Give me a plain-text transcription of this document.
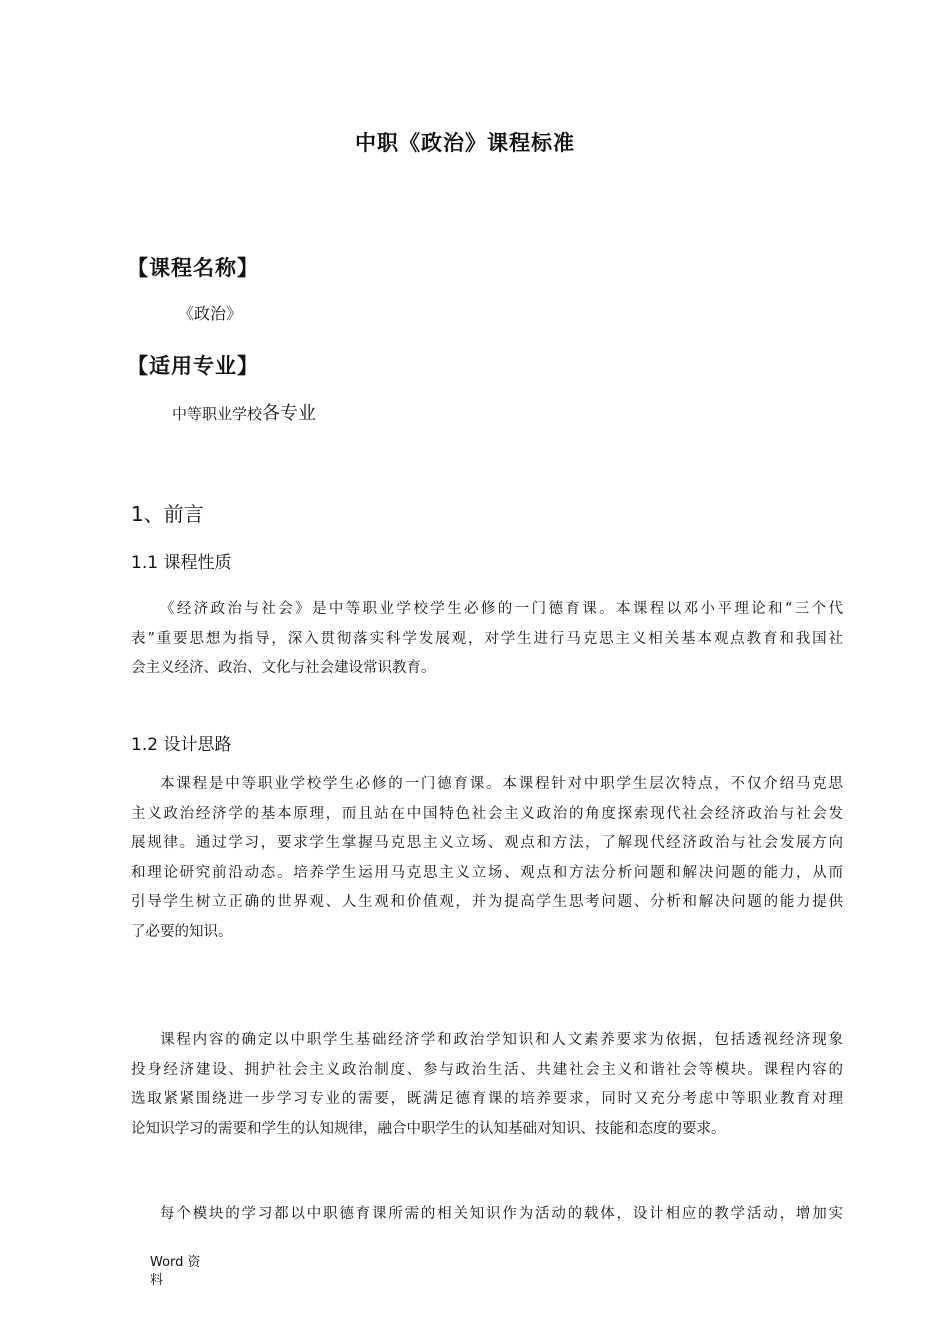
中职《政治》课程标准
【课程名称】
《政治》
【适用专业】
中等职业学校各专业
1、前言
1.1 课程性质
《经济政治与社会》是中等职业学校学生必修的一门德育课。本课程以邓小平理论和“三个代
表”重要思想为指导，深入贯彻落实科学发展观，对学生进行马克思主义相关基本观点教育和我国社
会主义经济、政治、文化与社会建设常识教育。
1.2 设计思路
本课程是中等职业学校学生必修的一门德育课。本课程针对中职学生层次特点，不仅介绍马克思
主义政治经济学的基本原理，而且站在中国特色社会主义政治的角度探索现代社会经济政治与社会发
展规律。通过学习，要求学生掌握马克思主义立场、观点和方法，了解现代经济政治与社会发展方向
和理论研究前沿动态。培养学生运用马克思主义立场、观点和方法分析问题和解决问题的能力，从而
引导学生树立正确的世界观、人生观和价值观，并为提高学生思考问题、分析和解决问题的能力提供
了必要的知识。
课程内容的确定以中职学生基础经济学和政治学知识和人文素养要求为依据，包括透视经济现象
投身经济建设、拥护社会主义政治制度、参与政治生活、共建社会主义和谐社会等模块。课程内容的
选取紧紧围绕进一步学习专业的需要，既满足德育课的培养要求，同时又充分考虑中等职业教育对理
论知识学习的需要和学生的认知规律，融合中职学生的认知基础对知识、技能和态度的要求。
每个模块的学习都以中职德育课所需的相关知识作为活动的载体，设计相应的教学活动，增加实
Word 资
料
